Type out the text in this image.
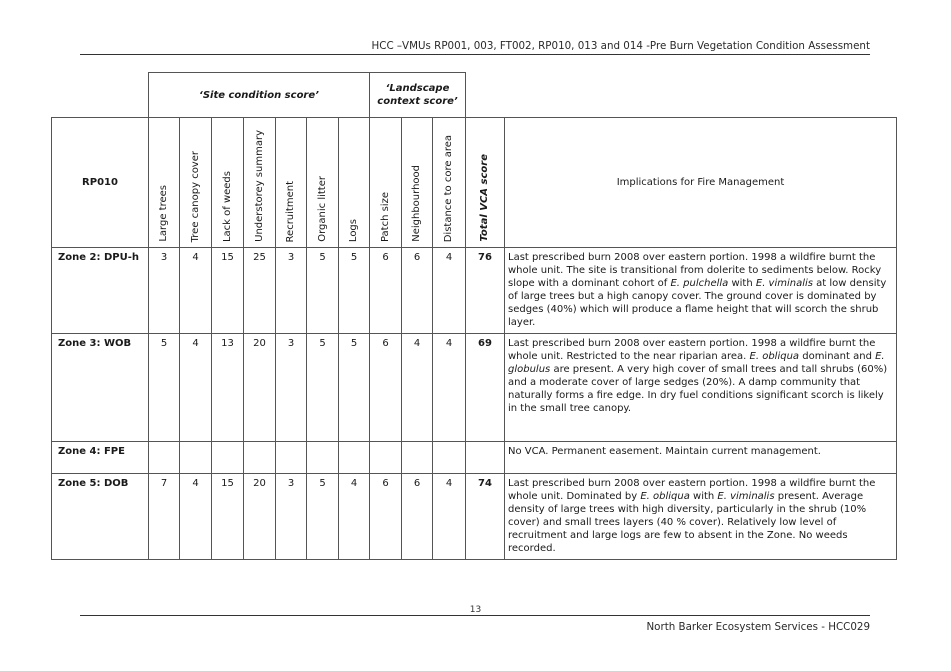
HCC –VMUs RP001, 003, FT002, RP010, 013 and 014 -Pre Burn Vegetation Condition Assessment
	‘Site condition score’							‘Landscape context score’				
RP010	Large trees	Tree canopy cover	Lack of weeds	Understorey summary	Recruitment	Organic litter	Logs	Patch size	Neighbourhood	Distance to core area	Total VCA score	Implications for Fire Management
Zone 2: DPU-h	3	4	15	25	3	5	5	6	6	4	76	Last prescribed burn 2008 over eastern portion. 1998 a wildfire burnt the whole unit. The site is transitional from dolerite to sediments below. Rocky slope with a dominant cohort of E. pulchella with E. viminalis at low density of large trees but a high canopy cover. The ground cover is dominated by sedges (40%) which will produce a flame height that will scorch the shrub layer.
Zone 3: WOB	5	4	13	20	3	5	5	6	4	4	69	Last prescribed burn 2008 over eastern portion. 1998 a wildfire burnt the whole unit. Restricted to the near riparian area. E. obliqua dominant and E. globulus are present. A very high cover of small trees and tall shrubs (60%) and a moderate cover of large sedges (20%). A damp community that naturally forms a fire edge. In dry fuel conditions significant scorch is likely in the small tree canopy.
Zone 4: FPE												No VCA. Permanent easement. Maintain current management.
Zone 5: DOB	7	4	15	20	3	5	4	6	6	4	74	Last prescribed burn 2008 over eastern portion. 1998 a wildfire burnt the whole unit. Dominated by E. obliqua with E. viminalis present. Average density of large trees with high diversity, particularly in the shrub (10% cover) and small trees layers (40 % cover). Relatively low level of recruitment and large logs are few to absent in the Zone. No weeds recorded.
13
North Barker Ecosystem Services - HCC029
